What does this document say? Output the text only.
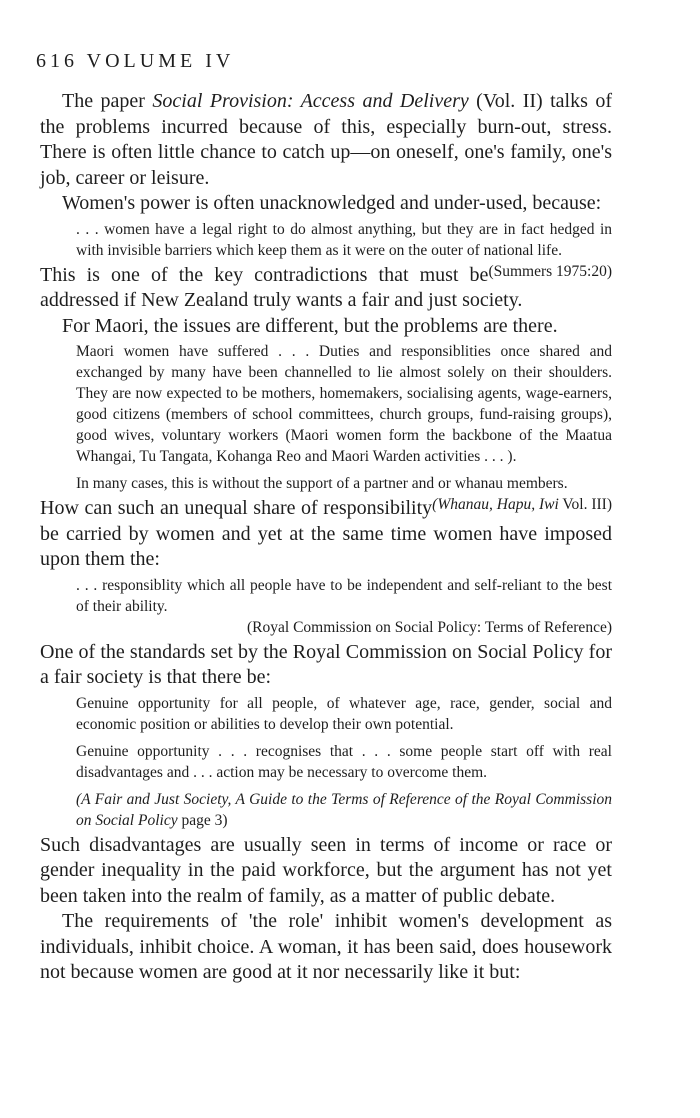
616 VOLUME IV

The paper Social Provision: Access and Delivery (Vol. II) talks of the problems incurred because of this, especially burn-out, stress. There is often little chance to catch up—on oneself, one's family, one's job, career or leisure.

Women's power is often unacknowledged and under-used, because:

. . . women have a legal right to do almost anything, but they are in fact hedged in with invisible barriers which keep them as it were on the outer of national life.
(Summers 1975:20)

This is one of the key contradictions that must be addressed if New Zealand truly wants a fair and just society.

For Maori, the issues are different, but the problems are there.

Maori women have suffered . . . Duties and responsiblities once shared and exchanged by many have been channelled to lie almost solely on their shoulders. They are now expected to be mothers, homemakers, socialising agents, wage-earners, good citizens (members of school committees, church groups, fund-raising groups), good wives, voluntary workers (Maori women form the backbone of the Maatua Whangai, Tu Tangata, Kohanga Reo and Maori Warden activities . . . ).

In many cases, this is without the support of a partner and or whanau members.
(Whanau, Hapu, Iwi Vol. III)

How can such an unequal share of responsibility be carried by women and yet at the same time women have imposed upon them the:

. . . responsiblity which all people have to be independent and self-reliant to the best of their ability.

(Royal Commission on Social Policy: Terms of Reference)

One of the standards set by the Royal Commission on Social Policy for a fair society is that there be:

Genuine opportunity for all people, of whatever age, race, gender, social and economic position or abilities to develop their own potential.

Genuine opportunity . . . recognises that . . . some people start off with real disadvantages and . . . action may be necessary to overcome them.

(A Fair and Just Society, A Guide to the Terms of Reference of the Royal Commission on Social Policy page 3)

Such disadvantages are usually seen in terms of income or race or gender inequality in the paid workforce, but the argument has not yet been taken into the realm of family, as a matter of public debate.

The requirements of 'the role' inhibit women's development as individuals, inhibit choice. A woman, it has been said, does housework not because women are good at it nor necessarily like it but:
